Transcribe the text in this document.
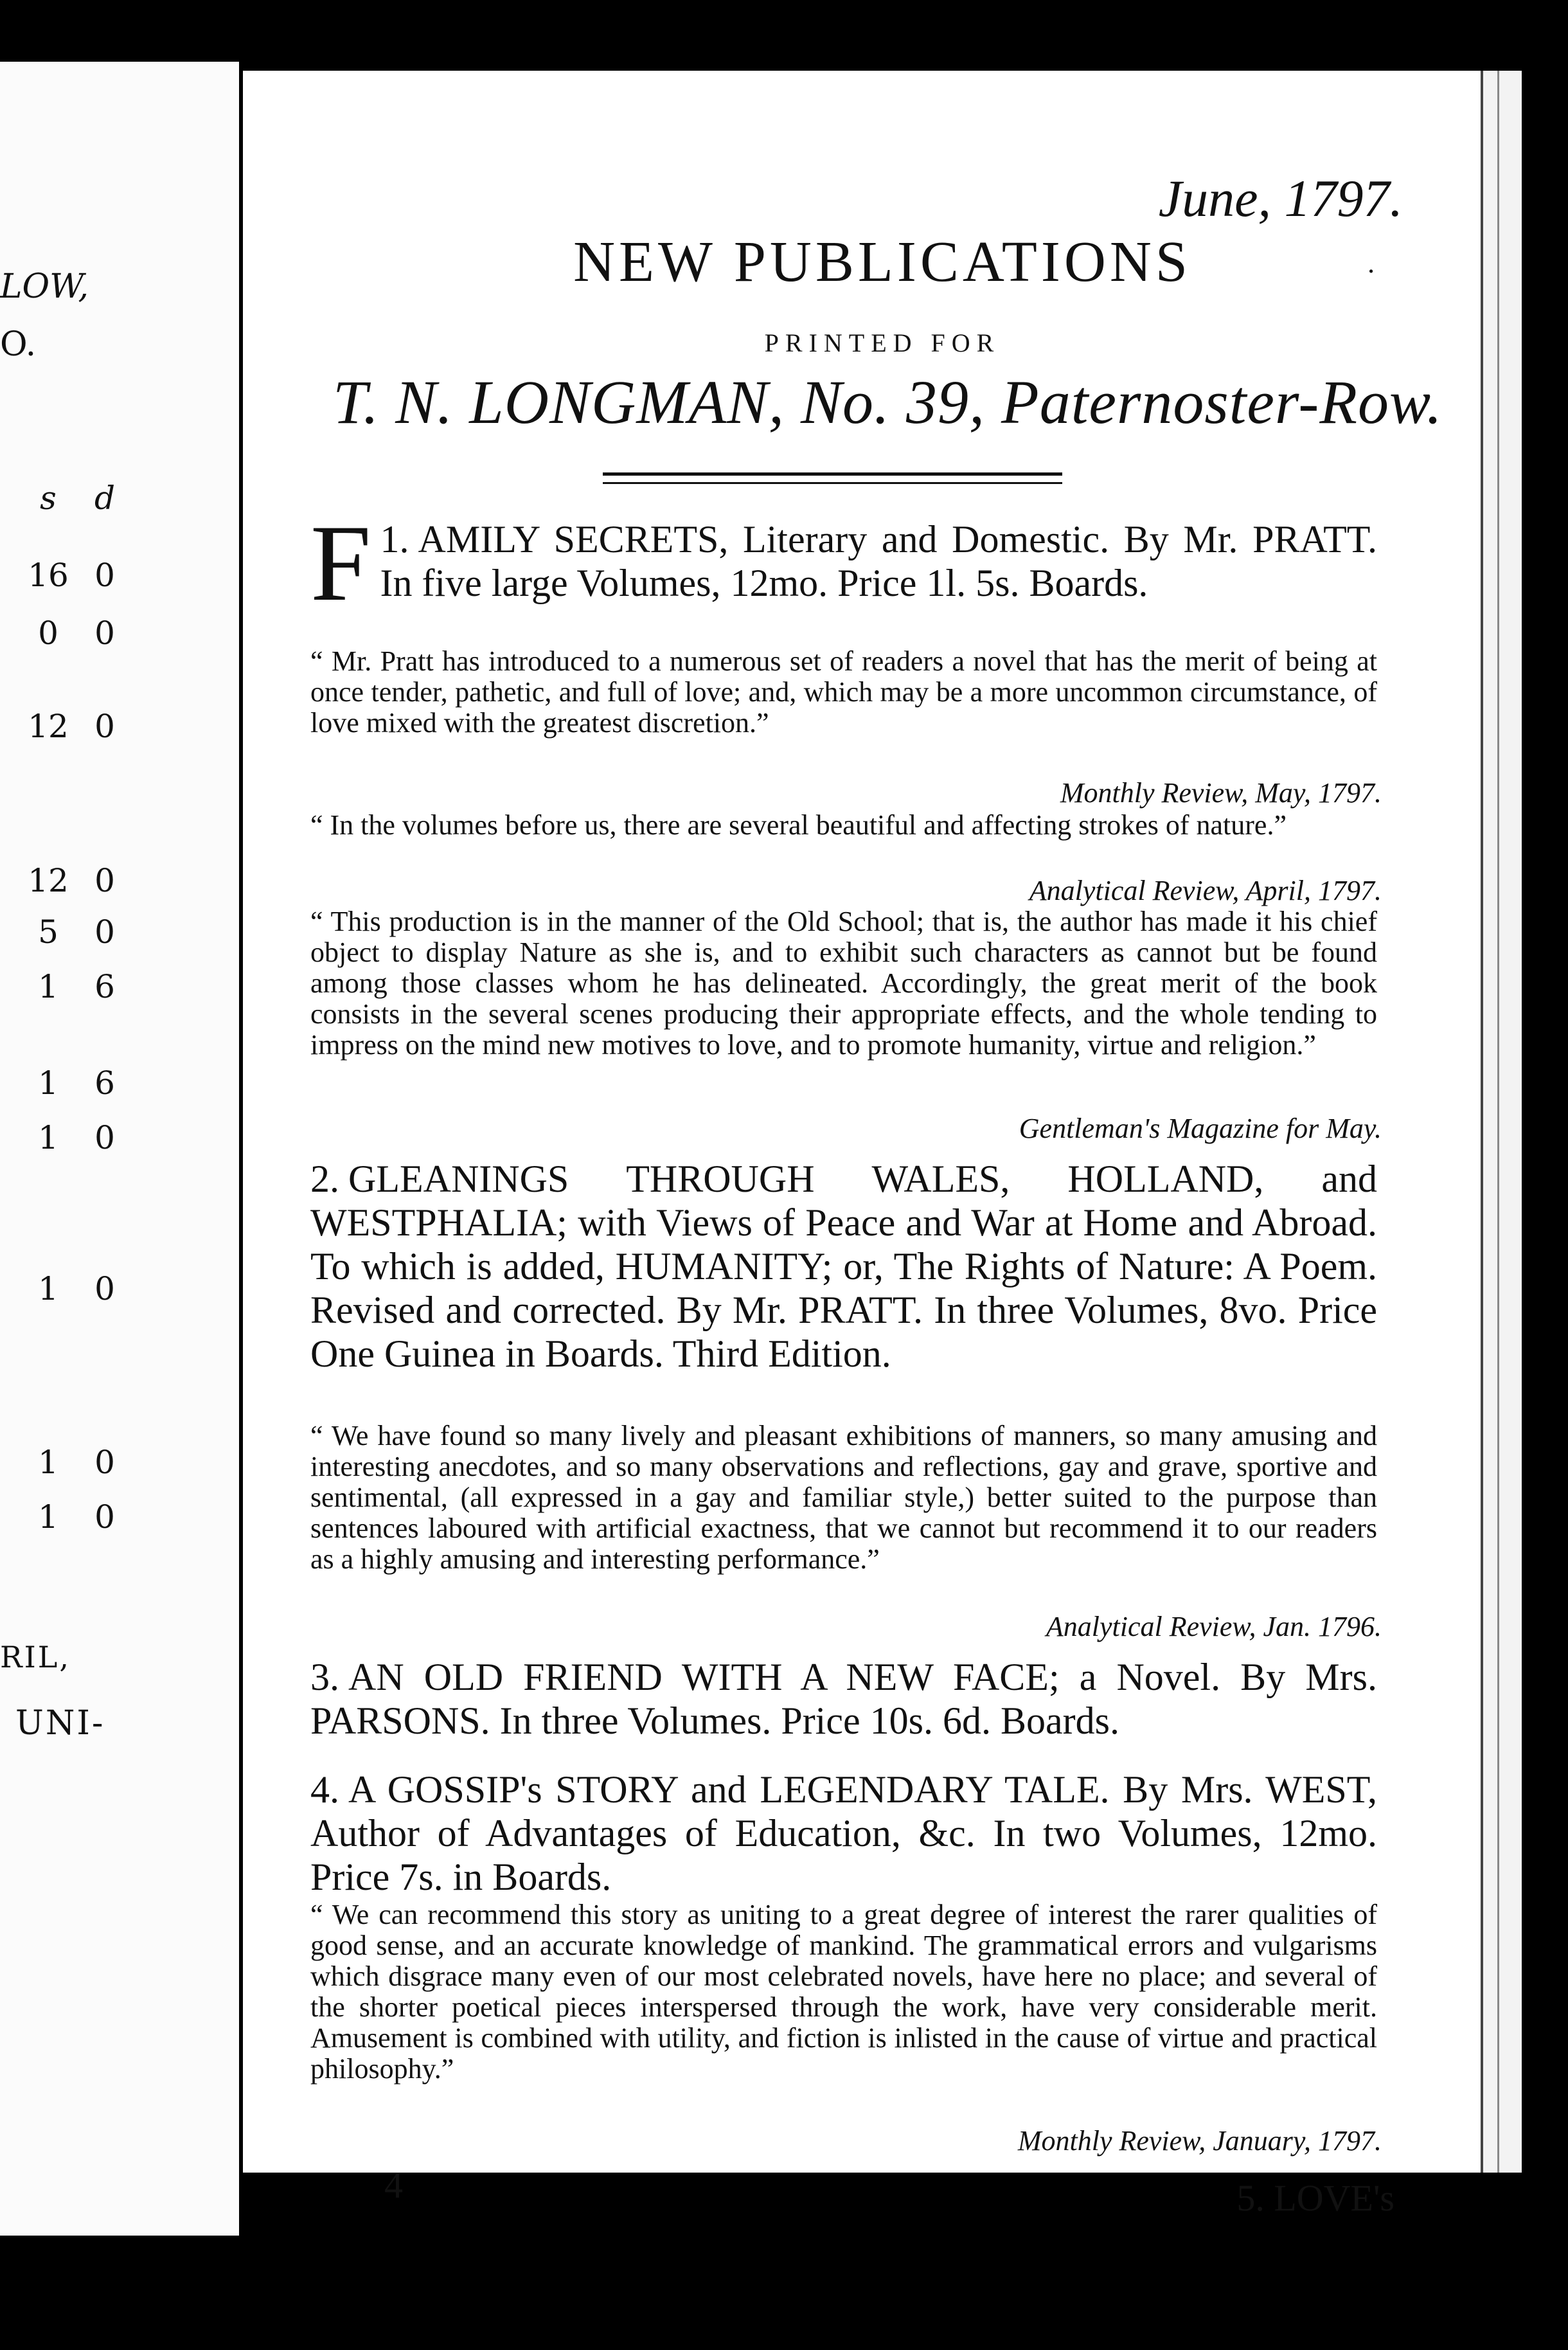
LOW,
O.
s	d
16 0
0	0
12 0
12 0
5	0
1	6
1	6
1	0
1	0
1	0
1	0
RIL,
UNI-
June, 1797.
NEW PUBLICATIONS
PRINTED FOR
T. N. LONGMAN, No. 39, Paternoster-Row.
·
1.
F AMILY SECRETS, Literary and Domestic. By Mr. PRATT. In five large Volumes, 12mo. Price 1l. 5s. Boards.
“ Mr. Pratt has introduced to a numerous set of readers a novel that has the merit of being at once tender, pathetic, and full of love; and, which may be a more uncommon circumstance, of love mixed with the greatest discretion.”
Monthly Review, May, 1797.
“ In the volumes before us, there are several beautiful and affecting strokes of nature.”
Analytical Review, April, 1797.
“ This production is in the manner of the Old School; that is, the author has made it his chief object to display Nature as she is, and to exhibit such characters as cannot but be found among those classes whom he has delineated. Accordingly, the great merit of the book consists in the several scenes producing their appropriate effects, and the whole tending to impress on the mind new motives to love, and to promote humanity, virtue and religion.”
Gentleman's Magazine for May.
2. GLEANINGS THROUGH WALES, HOLLAND, and WESTPHALIA; with Views of Peace and War at Home and Abroad. To which is added, HUMANITY; or, The Rights of Nature: A Poem. Revised and corrected. By Mr. PRATT. In three Volumes, 8vo. Price One Guinea in Boards. Third Edition.
“ We have found so many lively and pleasant exhibitions of manners, so many amusing and interesting anecdotes, and so many observations and reflections, gay and grave, sportive and sentimental, (all expressed in a gay and familiar style,) better suited to the purpose than sentences laboured with artificial exactness, that we cannot but recommend it to our readers as a highly amusing and interesting performance.”
Analytical Review, Jan. 1796.
3. AN OLD FRIEND WITH A NEW FACE; a Novel. By Mrs. PARSONS. In three Volumes. Price 10s. 6d. Boards.
4. A GOSSIP's STORY and LEGENDARY TALE. By Mrs. WEST, Author of Advantages of Education, &c. In two Volumes, 12mo. Price 7s. in Boards.
“ We can recommend this story as uniting to a great degree of interest the rarer qualities of good sense, and an accurate knowledge of mankind. The grammatical errors and vulgarisms which disgrace many even of our most celebrated novels, have here no place; and several of the shorter poetical pieces interspersed through the work, have very considerable merit. Amusement is combined with utility, and fiction is inlisted in the cause of virtue and practical philosophy.”
Monthly Review, January, 1797.
4	5. LOVE's
